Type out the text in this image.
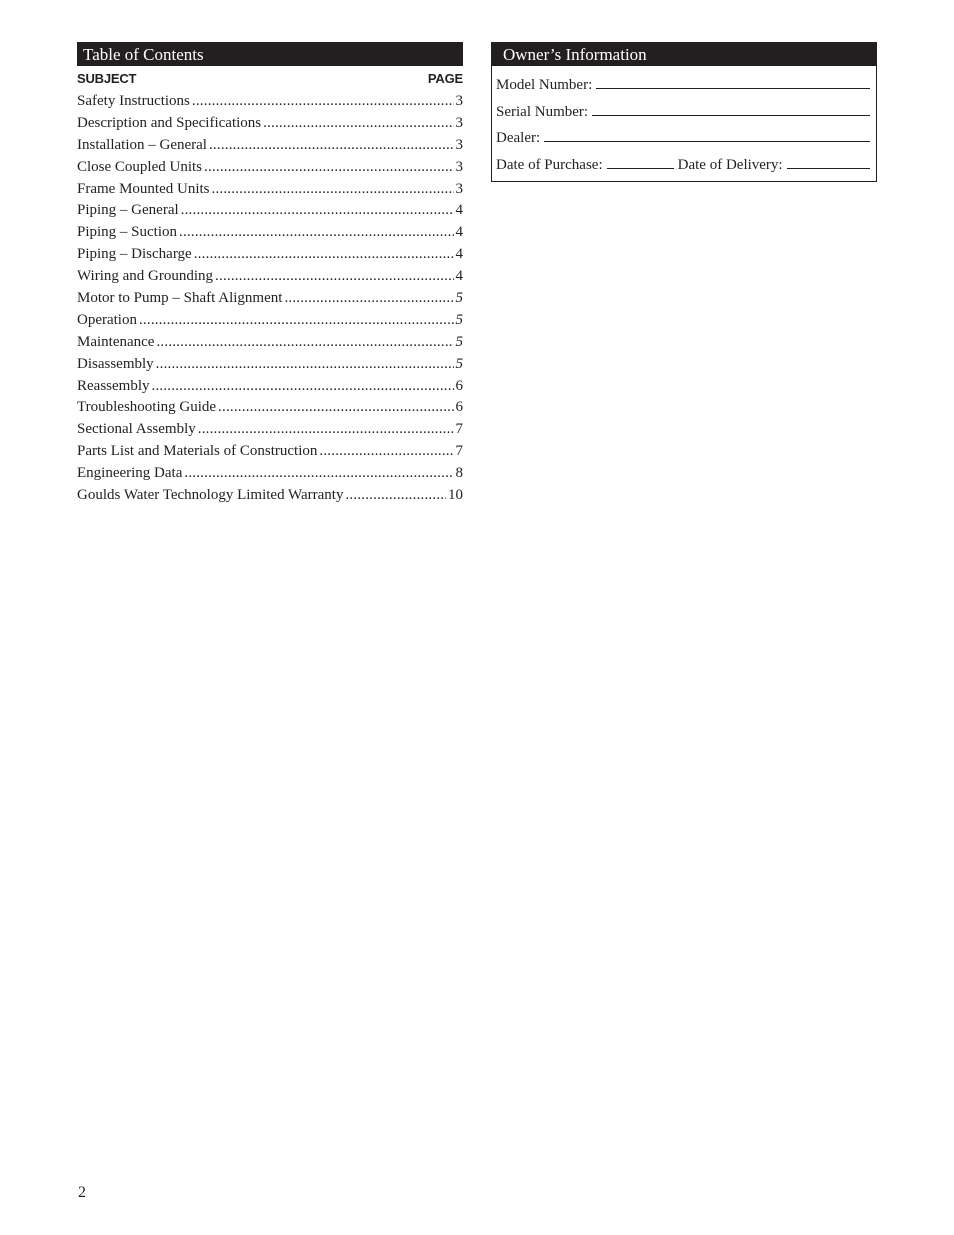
Table of Contents
SUBJECT	PAGE
Safety Instructions .....	3
Description and Specifications .....	3
Installation – General .....	3
Close Coupled Units .....	3
Frame Mounted Units .....	3
Piping – General .....	4
Piping – Suction .....	4
Piping – Discharge .....	4
Wiring and Grounding .....	4
Motor to Pump – Shaft Alignment .....	5
Operation .....	5
Maintenance .....	5
Disassembly .....	5
Reassembly .....	6
Troubleshooting Guide .....	6
Sectional Assembly .....	7
Parts List and Materials of Construction .....	7
Engineering Data .....	8
Goulds Water Technology Limited Warranty .....	10
Owner’s Information
Model Number:
Serial Number:
Dealer:
Date of Purchase:	Date of Delivery:
2
